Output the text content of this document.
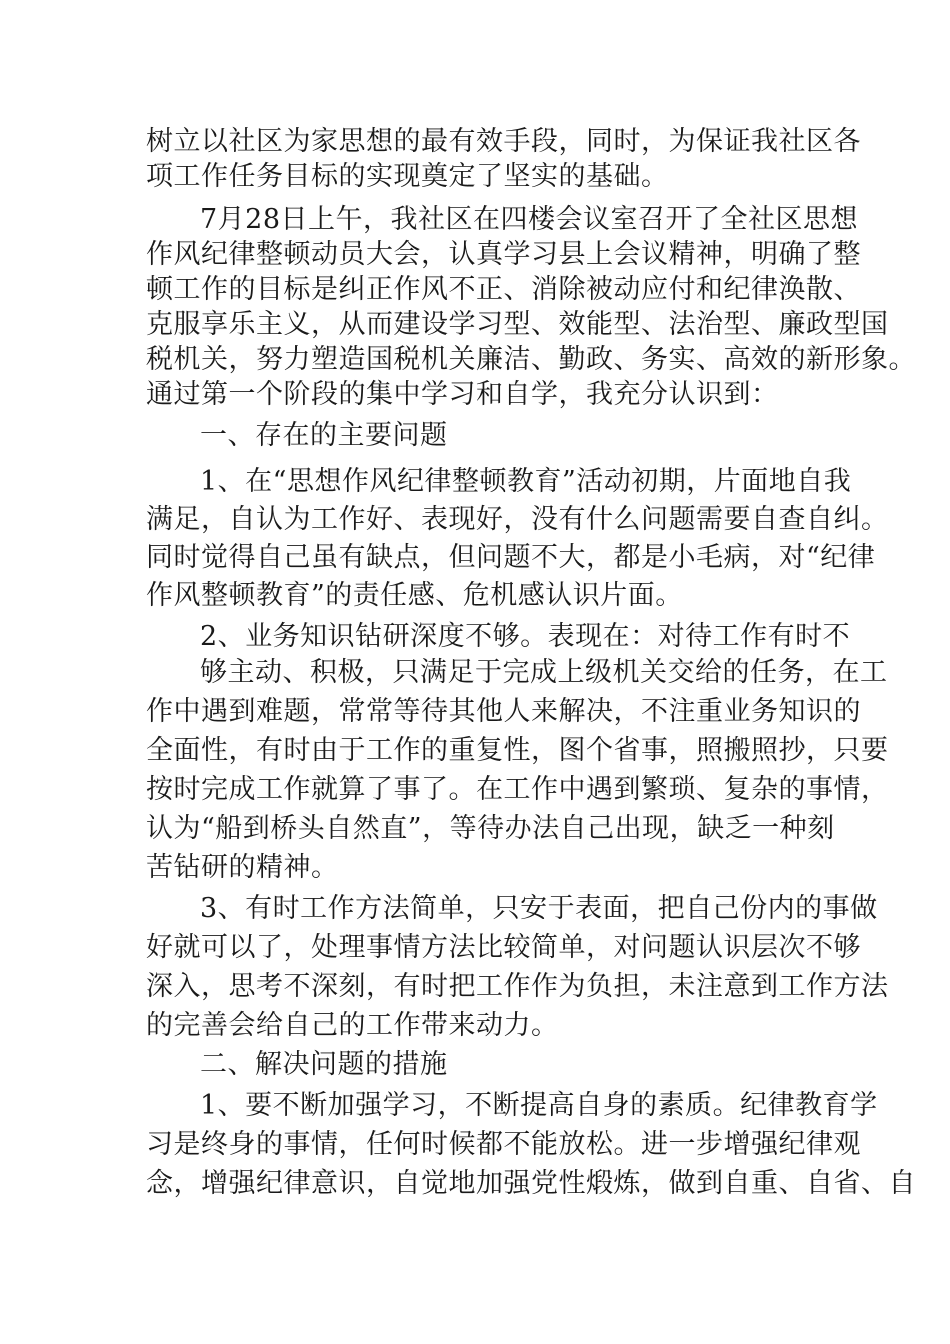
树立以社区为家思想的最有效手段，同时，为保证我社区各
项工作任务目标的实现奠定了坚实的基础。
7月28日上午，我社区在四楼会议室召开了全社区思想
作风纪律整顿动员大会，认真学习县上会议精神，明确了整
顿工作的目标是纠正作风不正、消除被动应付和纪律涣散、
克服享乐主义，从而建设学习型、效能型、法治型、廉政型国
税机关，努力塑造国税机关廉洁、勤政、务实、高效的新形象。
通过第一个阶段的集中学习和自学，我充分认识到：
一、存在的主要问题
1、在“思想作风纪律整顿教育”活动初期，片面地自我
满足，自认为工作好、表现好，没有什么问题需要自查自纠。
同时觉得自己虽有缺点，但问题不大，都是小毛病，对“纪律
作风整顿教育”的责任感、危机感认识片面。
2、业务知识钻研深度不够。表现在：对待工作有时不
够主动、积极，只满足于完成上级机关交给的任务，在工
作中遇到难题，常常等待其他人来解决，不注重业务知识的
全面性，有时由于工作的重复性，图个省事，照搬照抄，只要
按时完成工作就算了事了。在工作中遇到繁琐、复杂的事情，
认为“船到桥头自然直”，等待办法自己出现，缺乏一种刻
苦钻研的精神。
3、有时工作方法简单，只安于表面，把自己份内的事做
好就可以了，处理事情方法比较简单，对问题认识层次不够
深入，思考不深刻，有时把工作作为负担，未注意到工作方法
的完善会给自己的工作带来动力。
二、解决问题的措施
1、要不断加强学习，不断提高自身的素质。纪律教育学
习是终身的事情，任何时候都不能放松。进一步增强纪律观
念，增强纪律意识，自觉地加强党性煅炼，做到自重、自省、自
